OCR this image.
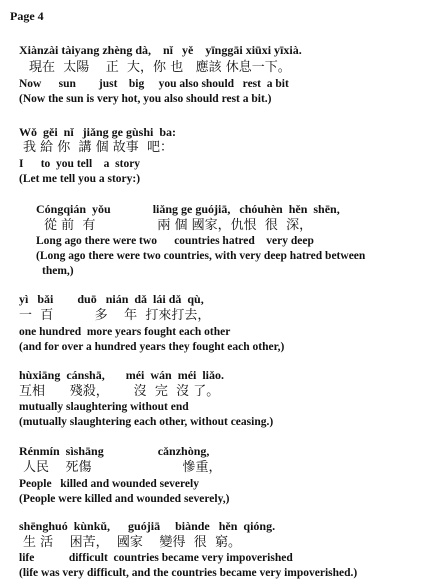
Page 4
Xiànzài tàiyang zhèng dà,    nǐ   yě    yīnggāi xiūxi yīxià.
現在  太陽    正  大，你 也   應該 休息一下。
Now      sun        just    big     you also should   rest  a bit
(Now the sun is very hot, you also should rest a bit.)
Wǒ  gěi  nǐ   jiǎng ge gùshi  ba:
我 給 你  講 個 故事  吧：
I      to  you tell    a  story
(Let me tell you a story:)
Cóngqián  yǒu              liǎng ge guójiā,   chóuhèn  hěn  shēn,
從 前  有               兩 個 國家，仇恨  很  深，
Long ago there were two      countries hatred    very deep
(Long ago there were two countries, with very deep hatred between
them,)
yì   bǎi        duō   nián  dǎ  lái dǎ  qù,
一  百          多    年  打來打去，
one hundred  more years fought each other
(and for over a hundred years they fought each other,)
hùxiāng  cánshā,       méi  wán  méi  liǎo.
互相      殘殺，      沒  完  沒 了。
mutually slaughtering without end
(mutually slaughtering each other, without ceasing.)
Rénmín  sìshāng                  cǎnzhòng,
人民    死傷                      慘重，
People   killed and wounded severely
(People were killed and wounded severely,)
shēnghuó  kùnkǔ,      guójiā     biànde   hěn  qióng.
生 活    困苦，  國家    變得  很  窮。
life            difficult  countries became very impoverished
(life was very difficult, and the countries became very impoverished.)
